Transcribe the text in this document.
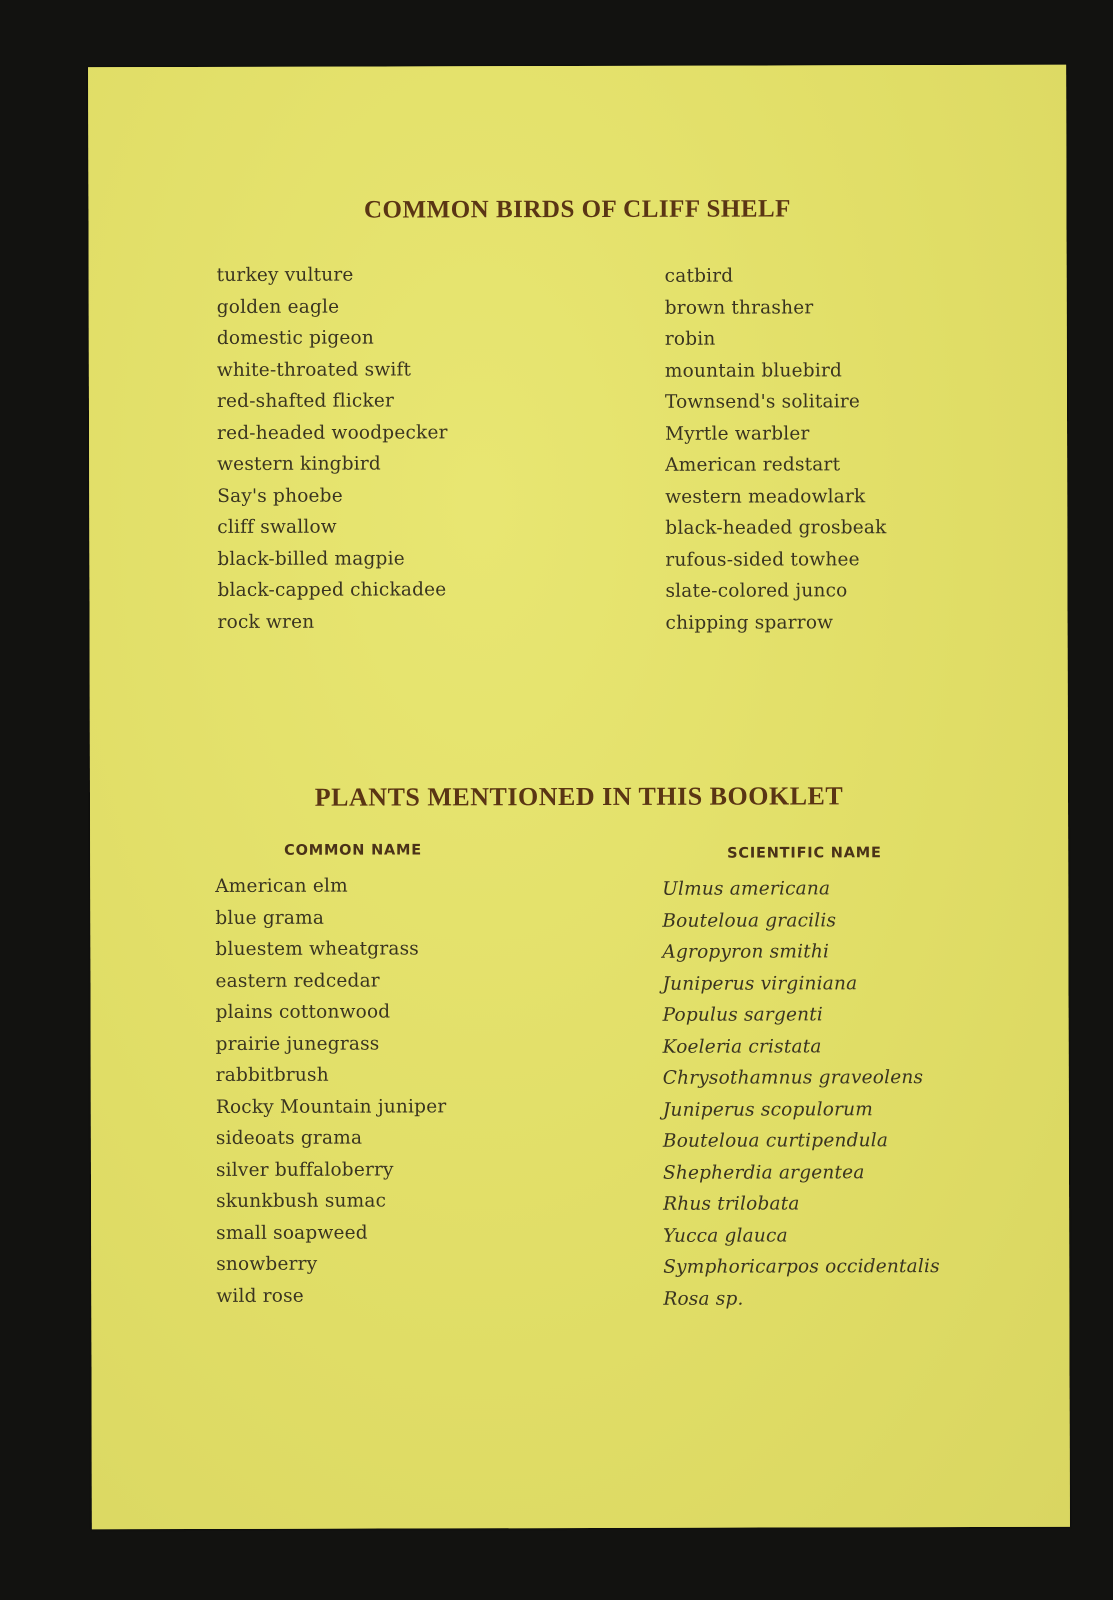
COMMON BIRDS OF CLIFF SHELF
turkey vulture
golden eagle
domestic pigeon
white-throated swift
red-shafted flicker
red-headed woodpecker
western kingbird
Say's phoebe
cliff swallow
black-billed magpie
black-capped chickadee
rock wren
catbird
brown thrasher
robin
mountain bluebird
Townsend's solitaire
Myrtle warbler
American redstart
western meadowlark
black-headed grosbeak
rufous-sided towhee
slate-colored junco
chipping sparrow
PLANTS MENTIONED IN THIS BOOKLET
COMMON NAME	SCIENTIFIC NAME
American elm
blue grama
bluestem wheatgrass
eastern redcedar
plains cottonwood
prairie junegrass
rabbitbrush
Rocky Mountain juniper
sideoats grama
silver buffaloberry
skunkbush sumac
small soapweed
snowberry
wild rose
Ulmus americana
Bouteloua gracilis
Agropyron smithi
Juniperus virginiana
Populus sargenti
Koeleria cristata
Chrysothamnus graveolens
Juniperus scopulorum
Bouteloua curtipendula
Shepherdia argentea
Rhus trilobata
Yucca glauca
Symphoricarpos occidentalis
Rosa sp.
